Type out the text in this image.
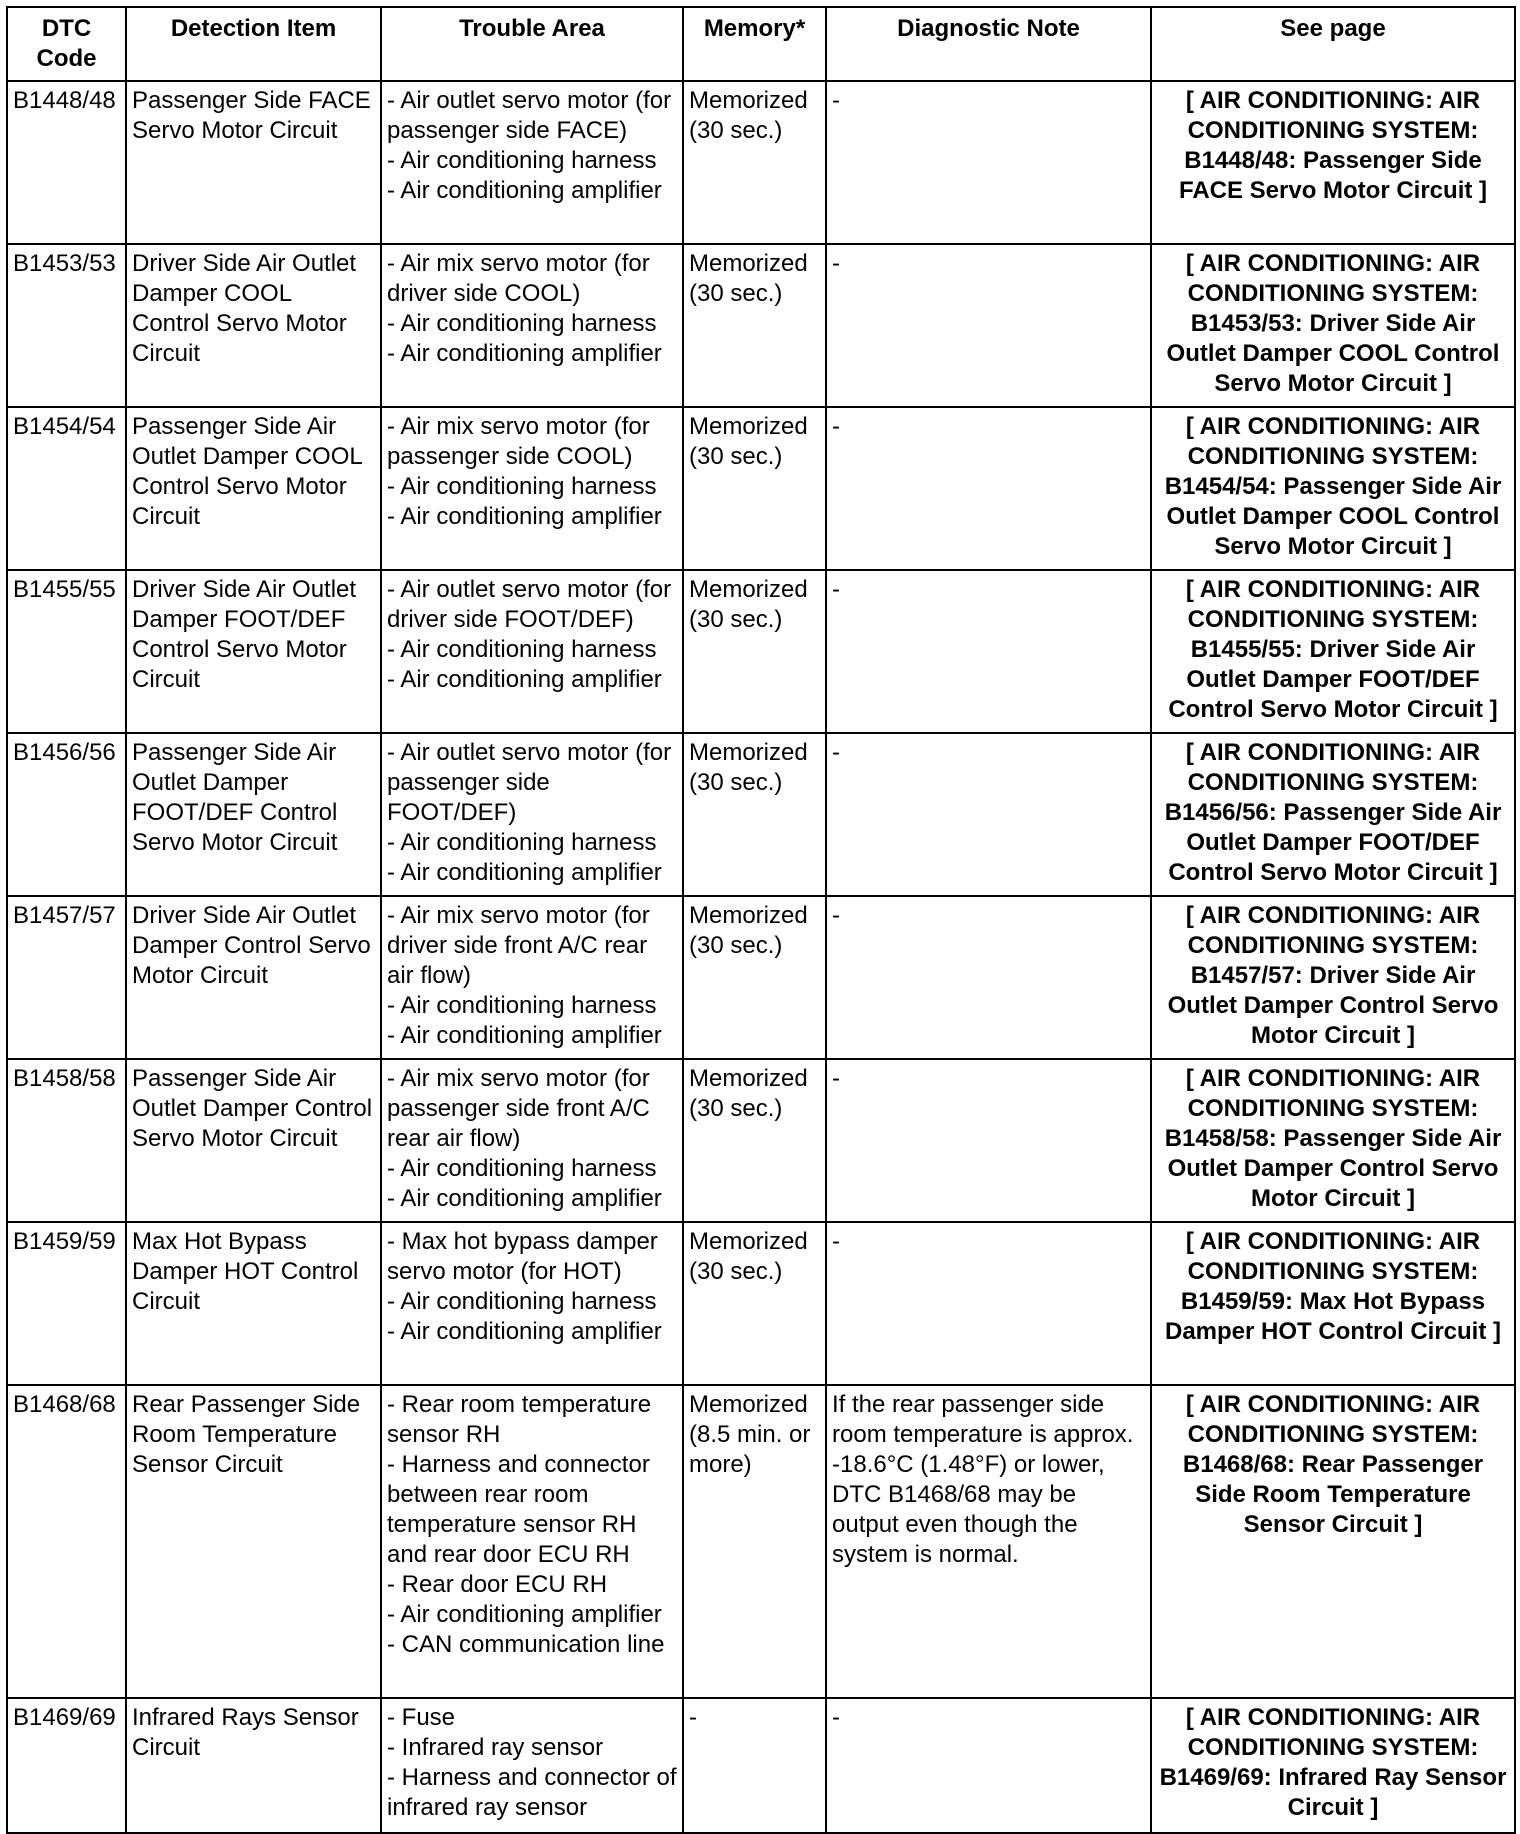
DTC Code	Detection Item	Trouble Area	Memory*	Diagnostic Note	See page
B1448/48	Passenger Side FACE Servo Motor Circuit	- Air outlet servo motor (for passenger side FACE)
- Air conditioning harness
- Air conditioning amplifier	Memorized (30 sec.)	-	[ AIR CONDITIONING: AIR CONDITIONING SYSTEM: B1448/48: Passenger Side FACE Servo Motor Circuit ]
B1453/53	Driver Side Air Outlet Damper COOL Control Servo Motor Circuit	- Air mix servo motor (for driver side COOL)
- Air conditioning harness
- Air conditioning amplifier	Memorized (30 sec.)	-	[ AIR CONDITIONING: AIR CONDITIONING SYSTEM: B1453/53: Driver Side Air Outlet Damper COOL Control Servo Motor Circuit ]
B1454/54	Passenger Side Air Outlet Damper COOL Control Servo Motor Circuit	- Air mix servo motor (for passenger side COOL)
- Air conditioning harness
- Air conditioning amplifier	Memorized (30 sec.)	-	[ AIR CONDITIONING: AIR CONDITIONING SYSTEM: B1454/54: Passenger Side Air Outlet Damper COOL Control Servo Motor Circuit ]
B1455/55	Driver Side Air Outlet Damper FOOT/DEF Control Servo Motor Circuit	- Air outlet servo motor (for driver side FOOT/DEF)
- Air conditioning harness
- Air conditioning amplifier	Memorized (30 sec.)	-	[ AIR CONDITIONING: AIR CONDITIONING SYSTEM: B1455/55: Driver Side Air Outlet Damper FOOT/DEF Control Servo Motor Circuit ]
B1456/56	Passenger Side Air Outlet Damper FOOT/DEF Control Servo Motor Circuit	- Air outlet servo motor (for passenger side FOOT/DEF)
- Air conditioning harness
- Air conditioning amplifier	Memorized (30 sec.)	-	[ AIR CONDITIONING: AIR CONDITIONING SYSTEM: B1456/56: Passenger Side Air Outlet Damper FOOT/DEF Control Servo Motor Circuit ]
B1457/57	Driver Side Air Outlet Damper Control Servo Motor Circuit	- Air mix servo motor (for driver side front A/C rear air flow)
- Air conditioning harness
- Air conditioning amplifier	Memorized (30 sec.)	-	[ AIR CONDITIONING: AIR CONDITIONING SYSTEM: B1457/57: Driver Side Air Outlet Damper Control Servo Motor Circuit ]
B1458/58	Passenger Side Air Outlet Damper Control Servo Motor Circuit	- Air mix servo motor (for passenger side front A/C rear air flow)
- Air conditioning harness
- Air conditioning amplifier	Memorized (30 sec.)	-	[ AIR CONDITIONING: AIR CONDITIONING SYSTEM: B1458/58: Passenger Side Air Outlet Damper Control Servo Motor Circuit ]
B1459/59	Max Hot Bypass Damper HOT Control Circuit	- Max hot bypass damper servo motor (for HOT)
- Air conditioning harness
- Air conditioning amplifier	Memorized (30 sec.)	-	[ AIR CONDITIONING: AIR CONDITIONING SYSTEM: B1459/59: Max Hot Bypass Damper HOT Control Circuit ]
B1468/68	Rear Passenger Side Room Temperature Sensor Circuit	- Rear room temperature sensor RH
- Harness and connector between rear room temperature sensor RH and rear door ECU RH
- Rear door ECU RH
- Air conditioning amplifier
- CAN communication line	Memorized (8.5 min. or more)	If the rear passenger side room temperature is approx. -18.6°C (1.48°F) or lower, DTC B1468/68 may be output even though the system is normal.	[ AIR CONDITIONING: AIR CONDITIONING SYSTEM: B1468/68: Rear Passenger Side Room Temperature Sensor Circuit ]
B1469/69	Infrared Rays Sensor Circuit	- Fuse
- Infrared ray sensor
- Harness and connector of infrared ray sensor	-	-	[ AIR CONDITIONING: AIR CONDITIONING SYSTEM: B1469/69: Infrared Ray Sensor Circuit ]
